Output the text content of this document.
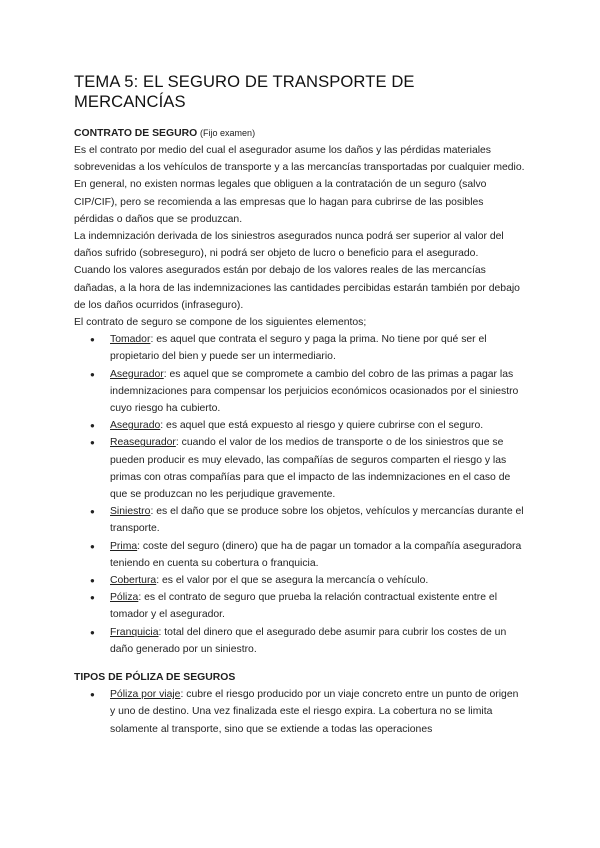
TEMA 5: EL SEGURO DE TRANSPORTE DE MERCANCÍAS
CONTRATO DE SEGURO (Fijo examen)

Es el contrato por medio del cual el asegurador asume los daños y las pérdidas materiales sobrevenidas a los vehículos de transporte y a las mercancías transportadas por cualquier medio.

En general, no existen normas legales que obliguen a la contratación de un seguro (salvo CIP/CIF), pero se recomienda a las empresas que lo hagan para cubrirse de las posibles pérdidas o daños que se produzcan.

La indemnización derivada de los siniestros asegurados nunca podrá ser superior al valor del daños sufrido (sobreseguro), ni podrá ser objeto de lucro o beneficio para el asegurado.

Cuando los valores asegurados están por debajo de los valores reales de las mercancías dañadas, a la hora de las indemnizaciones las cantidades percibidas estarán también por debajo de los daños ocurridos (infraseguro).

El contrato de seguro se compone de los siguientes elementos;

● Tomador: es aquel que contrata el seguro y paga la prima. No tiene por qué ser el propietario del bien y puede ser un intermediario.
● Asegurador: es aquel que se compromete a cambio del cobro de las primas a pagar las indemnizaciones para compensar los perjuicios económicos ocasionados por el siniestro cuyo riesgo ha cubierto.
● Asegurado: es aquel que está expuesto al riesgo y quiere cubrirse con el seguro.
● Reasegurador: cuando el valor de los medios de transporte o de los siniestros que se pueden producir es muy elevado, las compañías de seguros comparten el riesgo y las primas con otras compañías para que el impacto de las indemnizaciones en el caso de que se produzcan no les perjudique gravemente.
● Siniestro: es el daño que se produce sobre los objetos, vehículos y mercancías durante el transporte.
● Prima: coste del seguro (dinero) que ha de pagar un tomador a la compañía aseguradora teniendo en cuenta su cobertura o franquicia.
● Cobertura: es el valor por el que se asegura la mercancía o vehículo.
● Póliza: es el contrato de seguro que prueba la relación contractual existente entre el tomador y el asegurador.
● Franquicia: total del dinero que el asegurado debe asumir para cubrir los costes de un daño generado por un siniestro.
TIPOS DE PÓLIZA DE SEGUROS
● Póliza por viaje: cubre el riesgo producido por un viaje concreto entre un punto de origen y uno de destino. Una vez finalizada este el riesgo expira. La cobertura no se limita solamente al transporte, sino que se extiende a todas las operaciones
